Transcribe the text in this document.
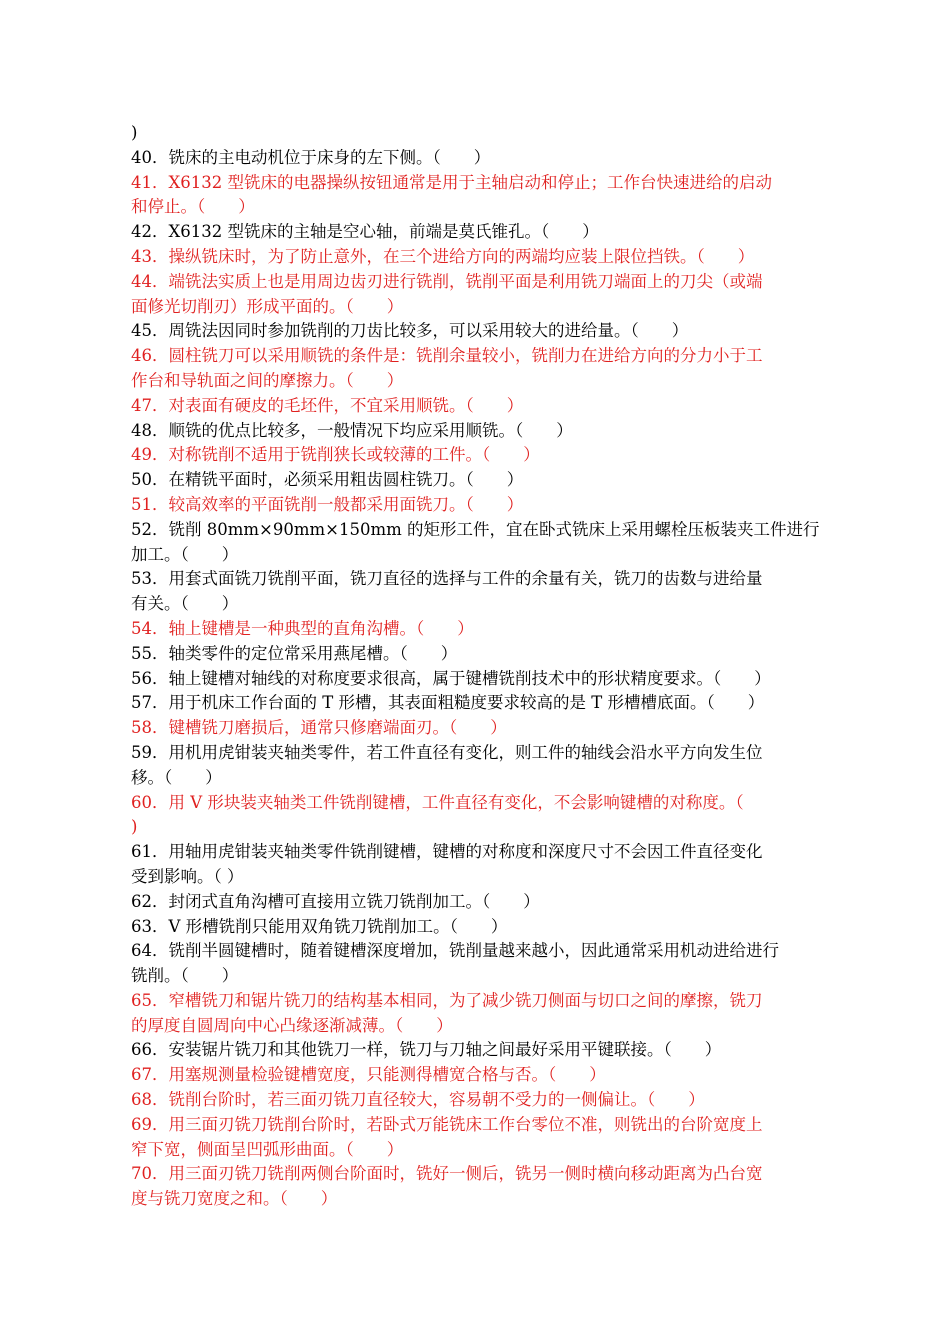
)
40．铣床的主电动机位于床身的左下侧。（　　）
41．X6132 型铣床的电器操纵按钮通常是用于主轴启动和停止；工作台快速进给的启动
和停止。（　　）
42．X6132 型铣床的主轴是空心轴，前端是莫氏锥孔。（　　）
43．操纵铣床时，为了防止意外，在三个进给方向的两端均应装上限位挡铁。（　　）
44．端铣法实质上也是用周边齿刃进行铣削，铣削平面是利用铣刀端面上的刀尖（或端
面修光切削刃）形成平面的。（　　）
45．周铣法因同时参加铣削的刀齿比较多，可以采用较大的进给量。（　　）
46．圆柱铣刀可以采用顺铣的条件是：铣削余量较小，铣削力在进给方向的分力小于工
作台和导轨面之间的摩擦力。（　　）
47．对表面有硬皮的毛坯件，不宜采用顺铣。（　　）
48．顺铣的优点比较多，一般情况下均应采用顺铣。（　　）
49．对称铣削不适用于铣削狭长或较薄的工件。（　　）
50．在精铣平面时，必须采用粗齿圆柱铣刀。（　　）
51．较高效率的平面铣削一般都采用面铣刀。（　　）
52．铣削 80mm×90mm×150mm 的矩形工件，宜在卧式铣床上采用螺栓压板装夹工件进行
加工。（　　）
53．用套式面铣刀铣削平面，铣刀直径的选择与工件的余量有关，铣刀的齿数与进给量
有关。（　　）
54．轴上键槽是一种典型的直角沟槽。（　　）
55．轴类零件的定位常采用燕尾槽。（　　）
56．轴上键槽对轴线的对称度要求很高，属于键槽铣削技术中的形状精度要求。（　　）
57．用于机床工作台面的 T 形槽，其表面粗糙度要求较高的是 T 形槽槽底面。（　　）
58．键槽铣刀磨损后，通常只修磨端面刃。（　　）
59．用机用虎钳装夹轴类零件，若工件直径有变化，则工件的轴线会沿水平方向发生位
移。（　　）
60．用 V 形块装夹轴类工件铣削键槽，工件直径有变化，不会影响键槽的对称度。（
)
61．用轴用虎钳装夹轴类零件铣削键槽，键槽的对称度和深度尺寸不会因工件直径变化
受到影响。（ ）
62．封闭式直角沟槽可直接用立铣刀铣削加工。（　　）
63．V 形槽铣削只能用双角铣刀铣削加工。（　　）
64．铣削半圆键槽时，随着键槽深度增加，铣削量越来越小，因此通常采用机动进给进行
铣削。（　　）
65．窄槽铣刀和锯片铣刀的结构基本相同，为了减少铣刀侧面与切口之间的摩擦，铣刀
的厚度自圆周向中心凸缘逐渐减薄。（　　）
66．安装锯片铣刀和其他铣刀一样，铣刀与刀轴之间最好采用平键联接。（　　）
67．用塞规测量检验键槽宽度，只能测得槽宽合格与否。（　　）
68．铣削台阶时，若三面刃铣刀直径较大，容易朝不受力的一侧偏让。（　　）
69．用三面刃铣刀铣削台阶时，若卧式万能铣床工作台零位不准，则铣出的台阶宽度上
窄下宽，侧面呈凹弧形曲面。（　　）
70．用三面刃铣刀铣削两侧台阶面时，铣好一侧后，铣另一侧时横向移动距离为凸台宽
度与铣刀宽度之和。（　　）
